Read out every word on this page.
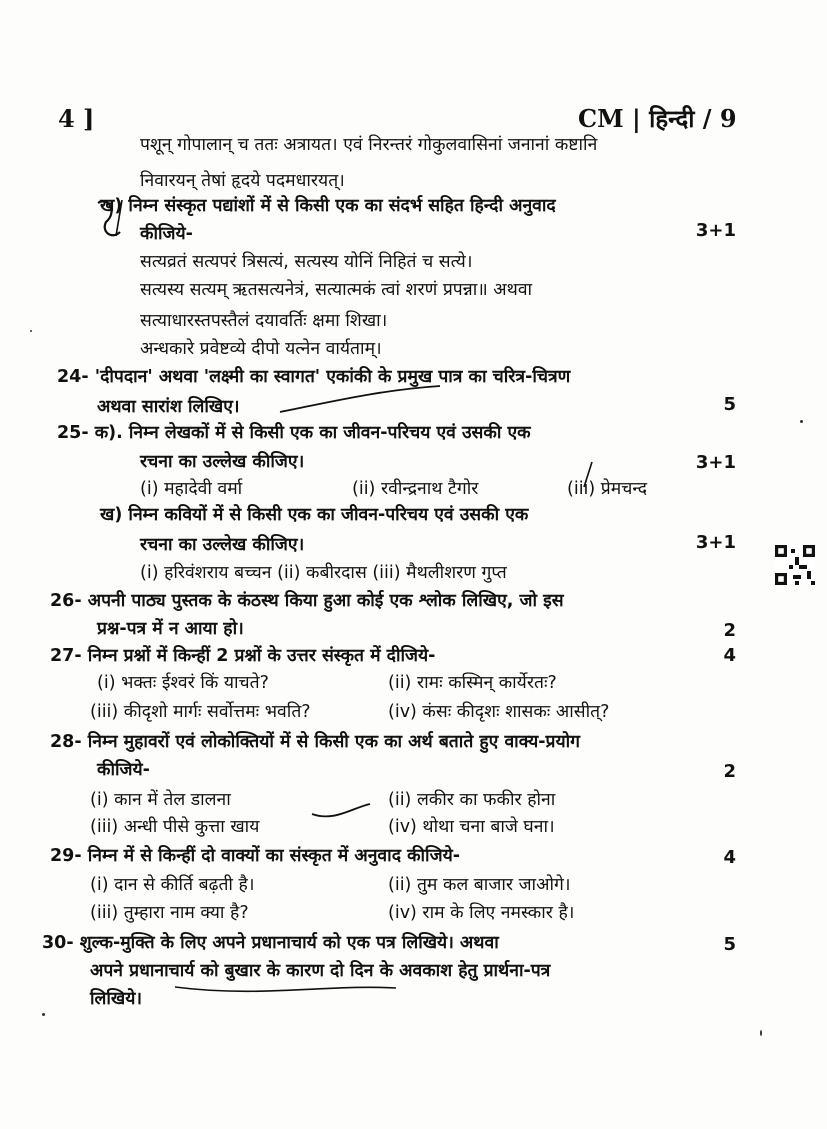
4 ]	CM | हिन्दी / 9
पशून् गोपालान् च ततः अत्रायत। एवं निरन्तरं गोकुलवासिनां जनानां कष्टानि
निवारयन् तेषां हृदये पदमधारयत्।
ख) निम्न संस्कृत पद्यांशों में से किसी एक का संदर्भ सहित हिन्दी अनुवाद
कीजिये-	3+1
सत्यव्रतं सत्यपरं त्रिसत्यं, सत्यस्य योनिं निहितं च सत्ये।
सत्यस्य सत्यम् ऋतसत्यनेत्रं, सत्यात्मकं त्वां शरणं प्रपन्ना॥ अथवा
सत्याधारस्तपस्तैलं दयावर्तिः क्षमा शिखा।
अन्धकारे प्रवेष्टव्ये दीपो यत्नेन वार्यताम्।
24- 'दीपदान' अथवा 'लक्ष्मी का स्वागत' एकांकी के प्रमुख पात्र का चरित्र-चित्रण
अथवा सारांश लिखिए।	5
25- क). निम्न लेखकों में से किसी एक का जीवन-परिचय एवं उसकी एक
रचना का उल्लेख कीजिए।	3+1
(i) महादेवी वर्मा	(ii) रवीन्द्रनाथ टैगोर	(iii) प्रेमचन्द
ख) निम्न कवियों में से किसी एक का जीवन-परिचय एवं उसकी एक
रचना का उल्लेख कीजिए।	3+1
(i) हरिवंशराय बच्चन (ii) कबीरदास (iii) मैथलीशरण गुप्त
26- अपनी पाठ्य पुस्तक के कंठस्थ किया हुआ कोई एक श्लोक लिखिए, जो इस
प्रश्न-पत्र में न आया हो।	2
27- निम्न प्रश्नों में किन्हीं 2 प्रश्नों के उत्तर संस्कृत में दीजिये-	4
(i) भक्तः ईश्वरं किं याचते?	(ii) रामः कस्मिन् कार्येरतः?
(iii) कीदृशो मार्गः सर्वोत्तमः भवति?	(iv) कंसः कीदृशः शासकः आसीत्?
28- निम्न मुहावरों एवं लोकोक्तियों में से किसी एक का अर्थ बताते हुए वाक्य-प्रयोग
कीजिये-	2
(i) कान में तेल डालना	(ii) लकीर का फकीर होना
(iii) अन्धी पीसे कुत्ता खाय	(iv) थोथा चना बाजे घना।
29- निम्न में से किन्हीं दो वाक्यों का संस्कृत में अनुवाद कीजिये-	4
(i) दान से कीर्ति बढ़ती है।	(ii) तुम कल बाजार जाओगे।
(iii) तुम्हारा नाम क्या है?	(iv) राम के लिए नमस्कार है।
30- शुल्क-मुक्ति के लिए अपने प्रधानाचार्य को एक पत्र लिखिये। अथवा	5
अपने प्रधानाचार्य को बुखार के कारण दो दिन के अवकाश हेतु प्रार्थना-पत्र
लिखिये।
